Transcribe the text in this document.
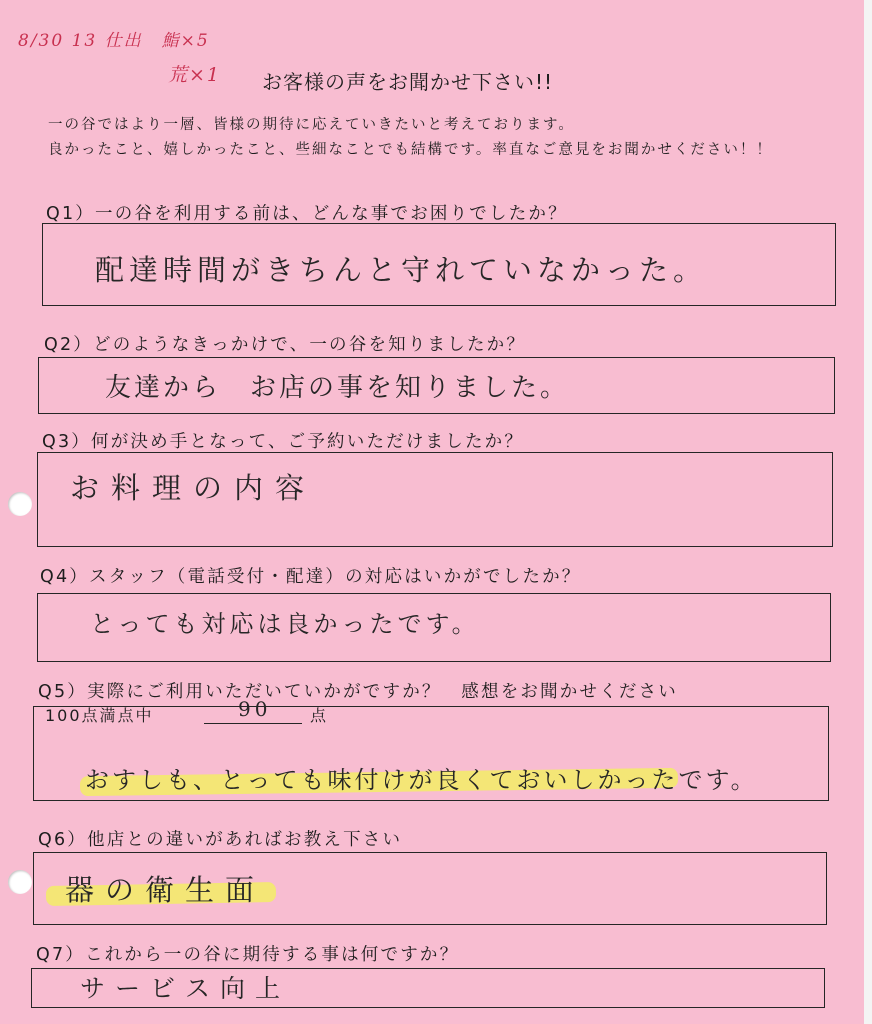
8/30 13 仕出　鮨×5
荒×1 お客様の声をお聞かせ下さい!!
一の谷ではより一層、皆様の期待に応えていきたいと考えております。
良かったこと、嬉しかったこと、些細なことでも結構です。率直なご意見をお聞かせください！！
Q1）一の谷を利用する前は、どんな事でお困りでしたか？
配達時間がきちんと守れていなかった。
Q2）どのようなきっかけで、一の谷を知りましたか？
友達から　お店の事を知りました。
Q3）何が決め手となって、ご予約いただけましたか？
お料理の内容
Q4）スタッフ（電話受付・配達）の対応はいかがでしたか？
とっても対応は良かったです。
Q5）実際にご利用いただいていかがですか？　感想をお聞かせください
100点満点中	90 点
おすしも、とっても味付けが良くておいしかったです。
Q6）他店との違いがあればお教え下さい
器の衛生面
Q7）これから一の谷に期待する事は何ですか？
サービス向上
